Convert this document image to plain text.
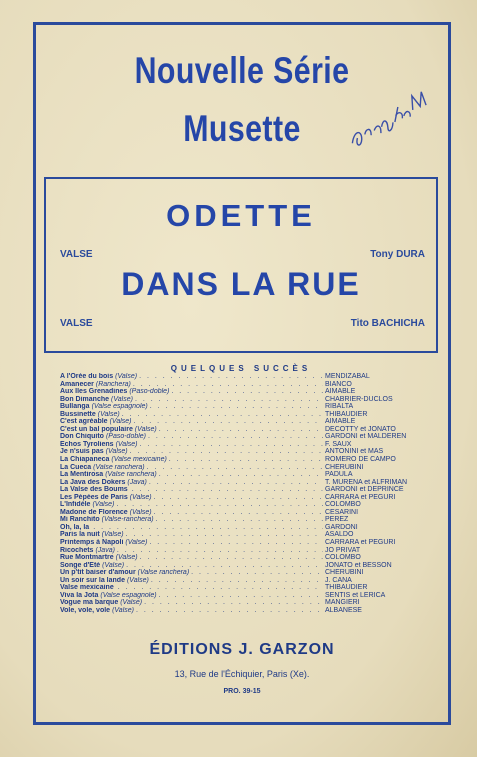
Nouvelle Série
Musette
ODETTE
VALSE	Tony DURA
DANS LA RUE
VALSE	Tito BACHICHA
QUELQUES SUCCÈS
A l'Orée du bois (Valse) . . .	MENDIZABAL
Amanecer (Ranchera) . . .	BIANCO
Aux Iles Grenadines (Paso-doble) . . .	AIMABLE
Bon Dimanche (Valse) . . .	CHABRIER-DUCLOS
Bullanga (Valse espagnole) . . .	RIBALTA
Bussinette (Valse) . . .	THIBAUDIER
C'est agréable (Valse) . . .	AIMABLE
C'est un bal populaire (Valse) . . .	DECOTTY et JONATO
Don Chiquito (Paso-doble) . . .	GARDONI et MALDEREN
Echos Tyroliens (Valse) . . .	F. SAUX
Je n'suis pas (Valse) . . .	ANTONINI et MAS
La Chiapaneca (Valse mexicaine) . . .	ROMERO DE CAMPO
La Cueca (Valse ranchera) . . .	CHERUBINI
La Mentirosa (Valse ranchera) . . .	PADULA
La Java des Dokers (Java) . . .	T. MURENA et ALFRIMAN
La Valse des Boums . . .	GARDONI et DEPRINCE
Les Pépées de Paris (Valse) . . .	CARRARA et PEGURI
L'Infidèle (Valse) . . .	COLOMBO
Madone de Florence (Valse) . . .	CESARINI
Mi Ranchito (Valse-ranchera) . . .	PEREZ
Oh, la, la . . .	GARDONI
Paris la nuit (Valse) . . .	ASALDO
Printemps à Napoli (Valse) . . .	CARRARA et PEGURI
Ricochets (Java) . . .	JO PRIVAT
Rue Montmartre (Valse) . . .	COLOMBO
Songe d'Eté (Valse) . . .	JONATO et BESSON
Un p'tit baiser d'amour (Valse ranchera) . . .	CHERUBINI
Un soir sur la lande (Valse) . . .	J. CANA
Valse mexicaine . . .	THIBAUDIER
Viva la Jota (Valse espagnole) . . .	SENTIS et LERICA
Vogue ma barque (Valse) . . .	MANGIERI
Vole, vole, vole (Valse) . . .	ALBANESE
ÉDITIONS J. GARZON
13, Rue de l'Échiquier, Paris (Xe).
PRO. 39-15
